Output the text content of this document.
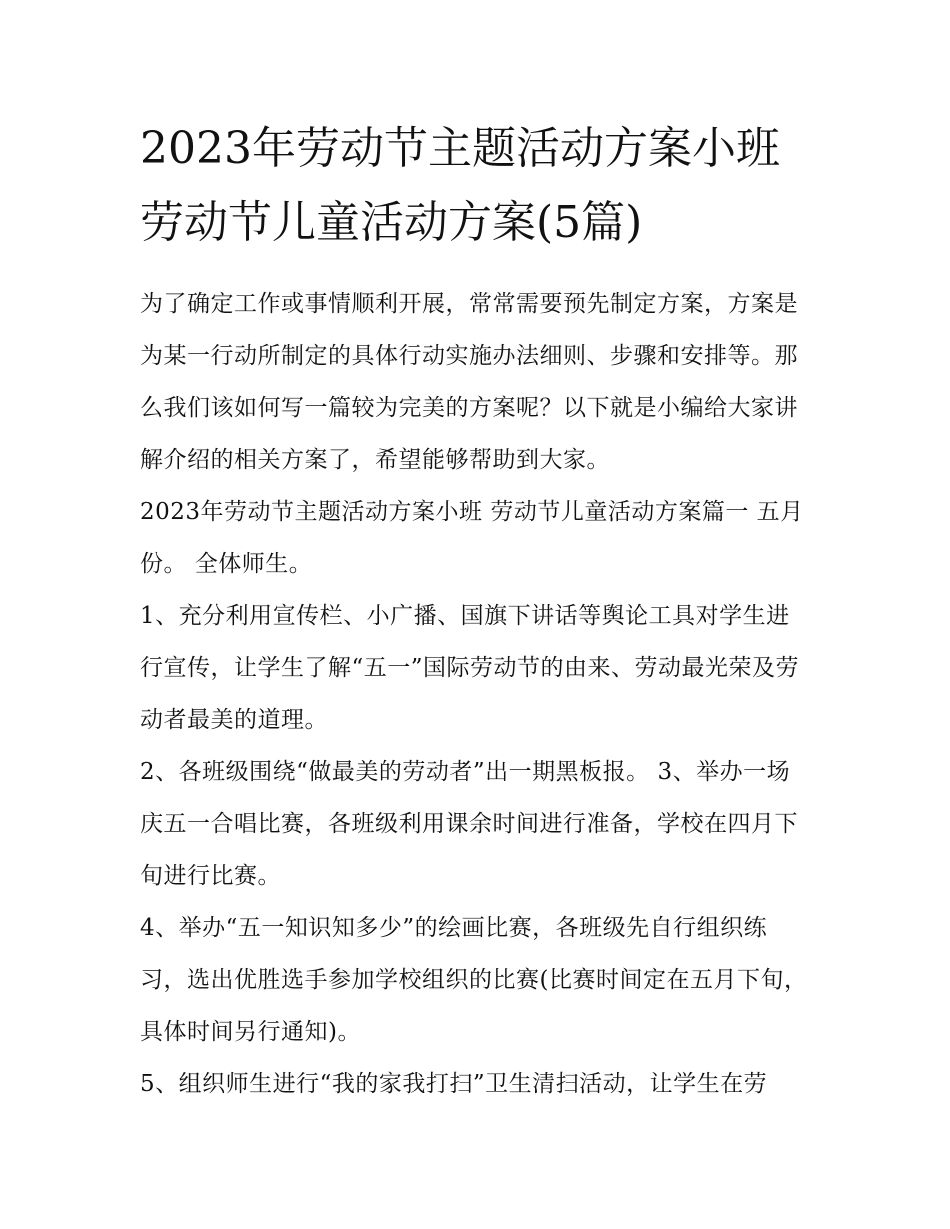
2023年劳动节主题活动方案小班 劳动节儿童活动方案(5篇)

为了确定工作或事情顺利开展，常常需要预先制定方案，方案是为某一行动所制定的具体行动实施办法细则、步骤和安排等。那么我们该如何写一篇较为完美的方案呢？以下就是小编给大家讲解介绍的相关方案了，希望能够帮助到大家。

2023年劳动节主题活动方案小班 劳动节儿童活动方案篇一 五月份。 全体师生。

1、充分利用宣传栏、小广播、国旗下讲话等舆论工具对学生进行宣传，让学生了解“五一”国际劳动节的由来、劳动最光荣及劳动者最美的道理。

2、各班级围绕“做最美的劳动者”出一期黑板报。 3、举办一场庆五一合唱比赛，各班级利用课余时间进行准备，学校在四月下旬进行比赛。

4、举办“五一知识知多少”的绘画比赛，各班级先自行组织练习，选出优胜选手参加学校组织的比赛(比赛时间定在五月下旬，具体时间另行通知)。

5、组织师生进行“我的家我打扫”卫生清扫活动，让学生在劳
